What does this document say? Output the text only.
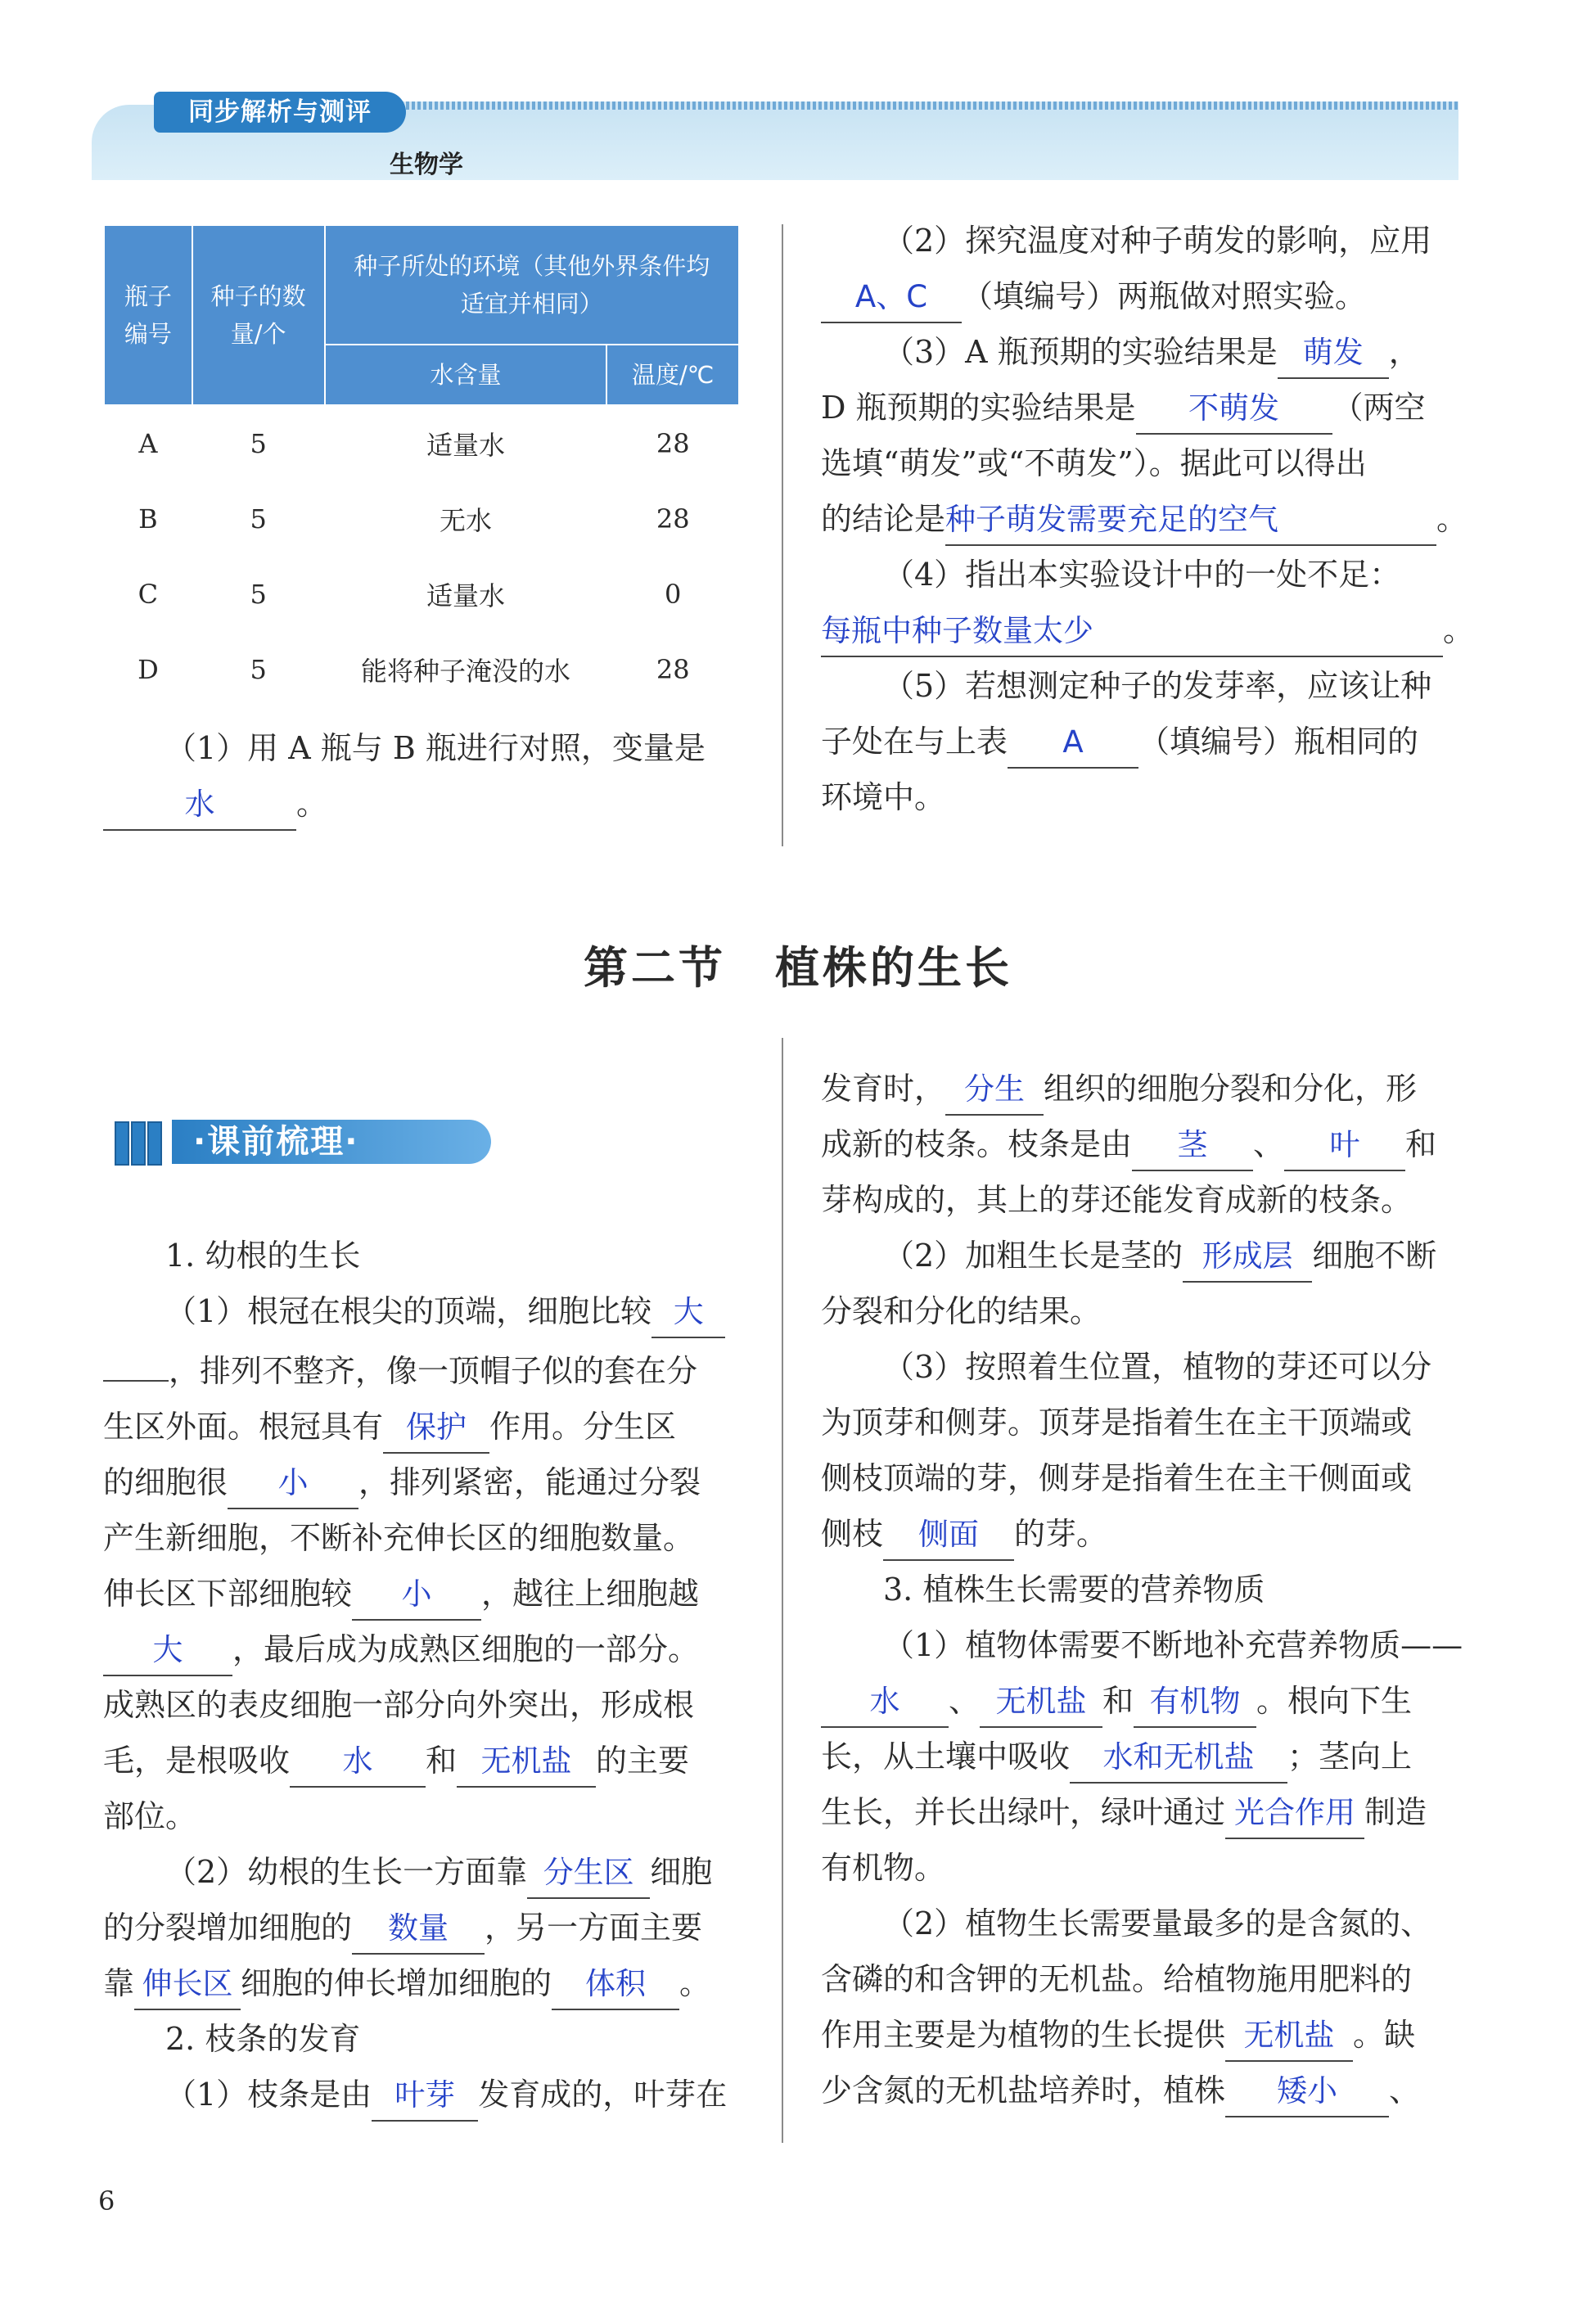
同步解析与测评
生物学
瓶子编号	种子的数量/个	种子所处的环境（其他外界条件均适宜并相同）	
		水含量	温度/℃
A	5	适量水	28
B	5	无水	28
C	5	适量水	0
D	5	能将种子淹没的水	28
（1）用 A 瓶与 B 瓶进行对照，变量是
水	。
（2）探究温度对种子萌发的影响，应用
A、C （填编号）两瓶做对照实验。
（3）A 瓶预期的实验结果是 萌发 ，
D 瓶预期的实验结果是 不萌发 （两空
选填“萌发”或“不萌发”）。据此可以得出
的结论是种子萌发需要充足的空气	。
（4）指出本实验设计中的一处不足：
每瓶中种子数量太少	。
（5）若想测定种子的发芽率，应该让种
子处在与上表 A （填编号）瓶相同的
环境中。
第二节 植株的生长
·课前梳理·
1. 幼根的生长
（1）根冠在根尖的顶端，细胞比较 大
，排列不整齐，像一顶帽子似的套在分
生区外面。根冠具有 保护 作用。分生区
的细胞很 小 ，排列紧密，能通过分裂
产生新细胞，不断补充伸长区的细胞数量。
伸长区下部细胞较 小 ，越往上细胞越
大 ，最后成为成熟区细胞的一部分。
成熟区的表皮细胞一部分向外突出，形成根
毛，是根吸收 水 和 无机盐 的主要
部位。
（2）幼根的生长一方面靠 分生区 细胞
的分裂增加细胞的 数量 ，另一方面主要
靠 伸长区 细胞的伸长增加细胞的 体积 。
2. 枝条的发育
（1）枝条是由 叶芽 发育成的，叶芽在
发育时， 分生 组织的细胞分裂和分化，形
成新的枝条。枝条是由 茎 、 叶 和
芽构成的，其上的芽还能发育成新的枝条。
（2）加粗生长是茎的 形成层 细胞不断
分裂和分化的结果。
（3）按照着生位置，植物的芽还可以分
为顶芽和侧芽。顶芽是指着生在主干顶端或
侧枝顶端的芽，侧芽是指着生在主干侧面或
侧枝 侧面 的芽。
3. 植株生长需要的营养物质
（1）植物体需要不断地补充营养物质——
水 、 无机盐 和 有机物 。根向下生
长，从土壤中吸收 水和无机盐 ；茎向上
生长，并长出绿叶，绿叶通过 光合作用 制造
有机物。
（2）植物生长需要量最多的是含氮的、
含磷的和含钾的无机盐。给植物施用肥料的
作用主要是为植物的生长提供 无机盐 。缺
少含氮的无机盐培养时，植株 矮小 、
6
